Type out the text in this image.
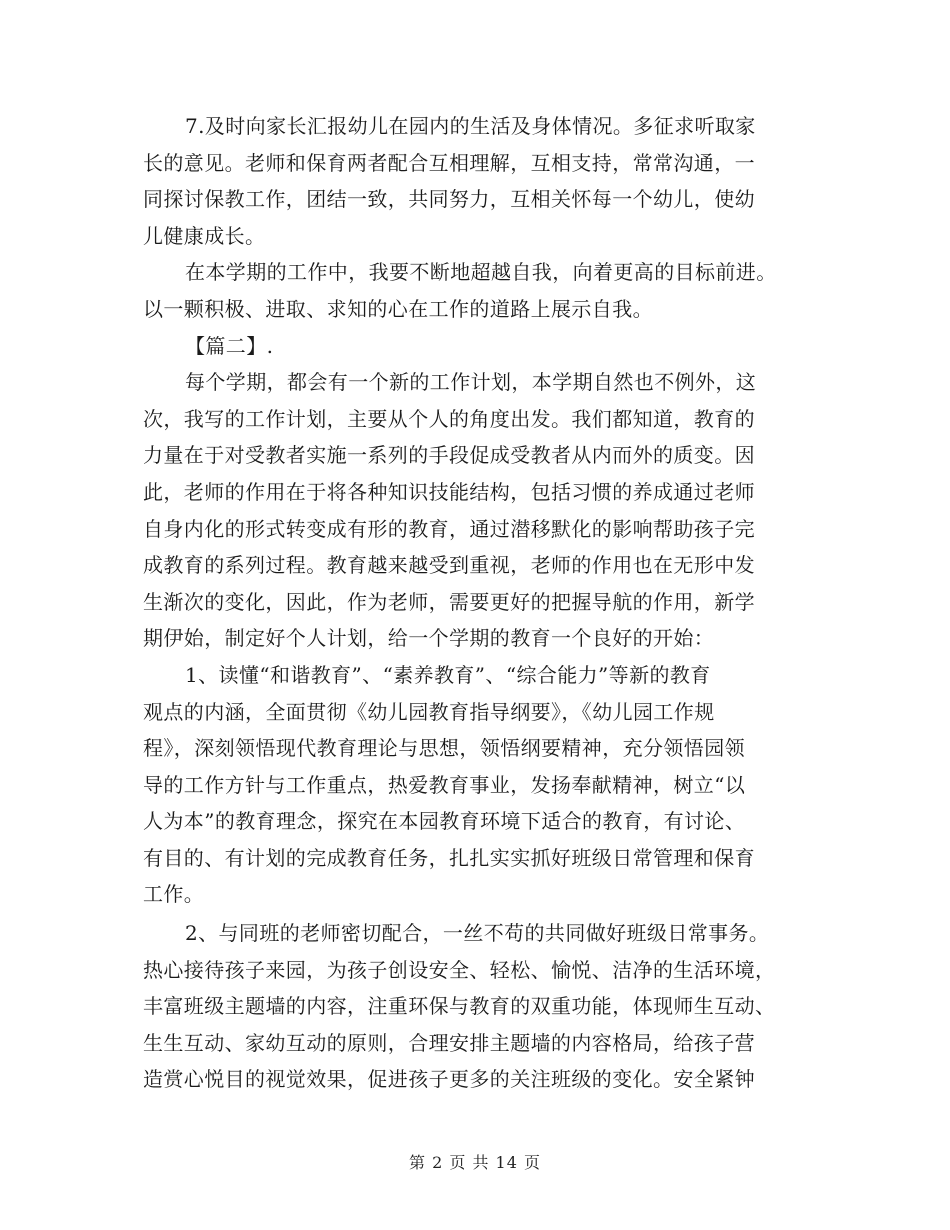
7.及时向家长汇报幼儿在园内的生活及身体情况。多征求听取家
长的意见。老师和保育两者配合互相理解，互相支持，常常沟通，一
同探讨保教工作，团结一致，共同努力，互相关怀每一个幼儿，使幼
儿健康成长。
在本学期的工作中，我要不断地超越自我，向着更高的目标前进。
以一颗积极、进取、求知的心在工作的道路上展示自我。
【篇二】.
每个学期，都会有一个新的工作计划，本学期自然也不例外，这
次，我写的工作计划，主要从个人的角度出发。我们都知道，教育的
力量在于对受教者实施一系列的手段促成受教者从内而外的质变。因
此，老师的作用在于将各种知识技能结构，包括习惯的养成通过老师
自身内化的形式转变成有形的教育，通过潜移默化的影响帮助孩子完
成教育的系列过程。教育越来越受到重视，老师的作用也在无形中发
生渐次的变化，因此，作为老师，需要更好的把握导航的作用，新学
期伊始，制定好个人计划，给一个学期的教育一个良好的开始：
1、读懂“和谐教育”、“素养教育”、“综合能力”等新的教育
观点的内涵，全面贯彻《幼儿园教育指导纲要》，《幼儿园工作规
程》，深刻领悟现代教育理论与思想，领悟纲要精神，充分领悟园领
导的工作方针与工作重点，热爱教育事业，发扬奉献精神，树立“以
人为本”的教育理念，探究在本园教育环境下适合的教育，有讨论、
有目的、有计划的完成教育任务，扎扎实实抓好班级日常管理和保育
工作。
2、与同班的老师密切配合，一丝不苟的共同做好班级日常事务。
热心接待孩子来园，为孩子创设安全、轻松、愉悦、洁净的生活环境，
丰富班级主题墙的内容，注重环保与教育的双重功能，体现师生互动、
生生互动、家幼互动的原则，合理安排主题墙的内容格局，给孩子营
造赏心悦目的视觉效果，促进孩子更多的关注班级的变化。安全紧钟
第 2 页 共 14 页
